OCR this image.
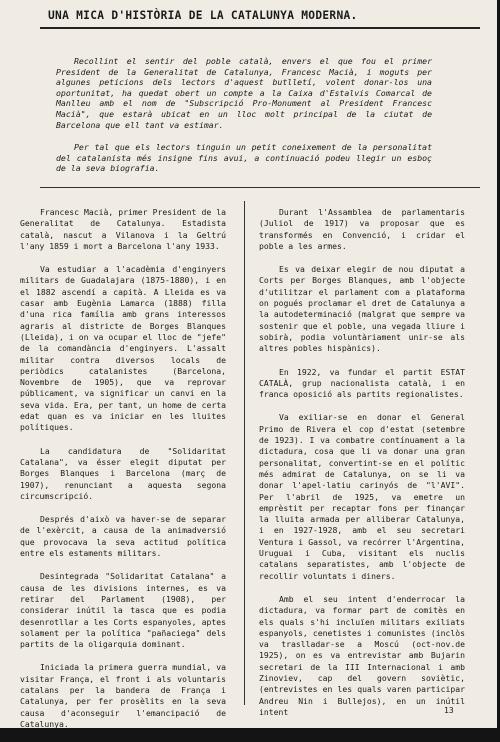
UNA MICA D'HISTÒRIA DE LA CATALUNYA MODERNA.

Recollint el sentir del poble català, envers el que fou el primer President de la Generalitat de Catalunya, Francesc Macià, i moguts per algunes peticions dels lectors d'aquest butlletí, volent donar-los una oportunitat, ha quedat obert un compte a la Caixa d'Estalvis Comarcal de Manlleu amb el nom de "Subscripció Pro-Monument al President Francesc Macià", que estarà ubicat en un lloc molt principal de la ciutat de Barcelona que ell tant va estimar.

Per tal que els lectors tinguin un petit coneixement de la personalitat del catalanista més insigne fins avui, a continuació podeu llegir un esboç de la seva biografia.

Francesc Macià, primer President de la Generalitat de Catalunya. Estadista català, nascut a Vilanova i la Geltrú l'any 1859 i mort a Barcelona l'any 1933.

Va estudiar a l'acadèmia d'enginyers militars de Guadalajara (1875-1880), i en el 1882 ascendí a capità. A Lleida es va casar amb Eugènia Lamarca (1888) filla d'una rica família amb grans interessos agraris al districte de Borges Blanques (Lleida), i on va ocupar el lloc de "jefe" de la comandància d'enginyers. L'assalt militar contra diversos locals de periòdics catalanistes (Barcelona, Novembre de 1905), que va reprovar públicament, va significar un canvi en la seva vida. Era, per tant, un home de certa edat quan es va iniciar en les lluites polítiques.

La candidatura de "Solidaritat Catalana", va ésser elegit diputat per Borges Blanques i Barcelona (març de 1907), renunciant a aquesta segona circumscripció.

Després d'això va haver-se de separar de l'exèrcit, a causa de la animadversió que provocava la seva actitud política entre els estaments militars.

Desintegrada "Solidaritat Catalana" a causa de les divisions internes, es va retirar del Parlament (1908), per considerar inútil la tasca que es podia desenrotllar a les Corts espanyoles, aptes solament per la política "pañaciega" dels partits de la oligarquia dominant.

Iniciada la primera guerra mundial, va visitar França, el front i als voluntaris catalans per la bandera de França i Catalunya, per fer prosèlits en la seva causa d'aconseguir l'emancipació de Catalunya.

Durant l'Assamblea de parlamentaris (Juliol de 1917) va proposar que es transformés en Convenció, i cridar el poble a les armes.

Es va deixar elegir de nou diputat a Corts per Borges Blanques, amb l'objecte d'utilitzar el parlament com a plataforma on pogués proclamar el dret de Catalunya a la autodeterminació (malgrat que sempre va sostenir que el poble, una vegada lliure i sobirà, podia voluntàriament unir-se als altres pobles hispànics).

En 1922, va fundar el partit ESTAT CATALÀ, grup nacionalista català, i en franca oposició als partits regionalistes.

Va exiliar-se en donar el General Primo de Rivera el cop d'estat (setembre de 1923). I va combatre contínuament a la dictadura, cosa que li va donar una gran personalitat, convertint-se en el polític més admirat de Catalunya, on se li va donar l'apel·latiu carinyós de "l'AVI". Per l'abril de 1925, va emetre un emprèstit per recaptar fons per finançar la lluita armada per alliberar Catalunya, i en 1927-1928, amb el seu secretari Ventura i Gassol, va recórrer l'Argentina, Uruguai i Cuba, visitant els nuclis catalans separatistes, amb l'objecte de recollir voluntats i diners.

Amb el seu intent d'enderrocar la dictadura, va formar part de comitès en els quals s'hi incluïen militars exiliats espanyols, cenetistes i comunistes (inclòs va traslladar-se a Moscú (oct-nov.de 1925), on es va entrevistar amb Bujarin secretari de la III Internacional i amb Zinoviev, cap del govern soviètic, (entrevistes en les quals varen participar Andreu Nin i Bullejos), en un inútil intent	13
